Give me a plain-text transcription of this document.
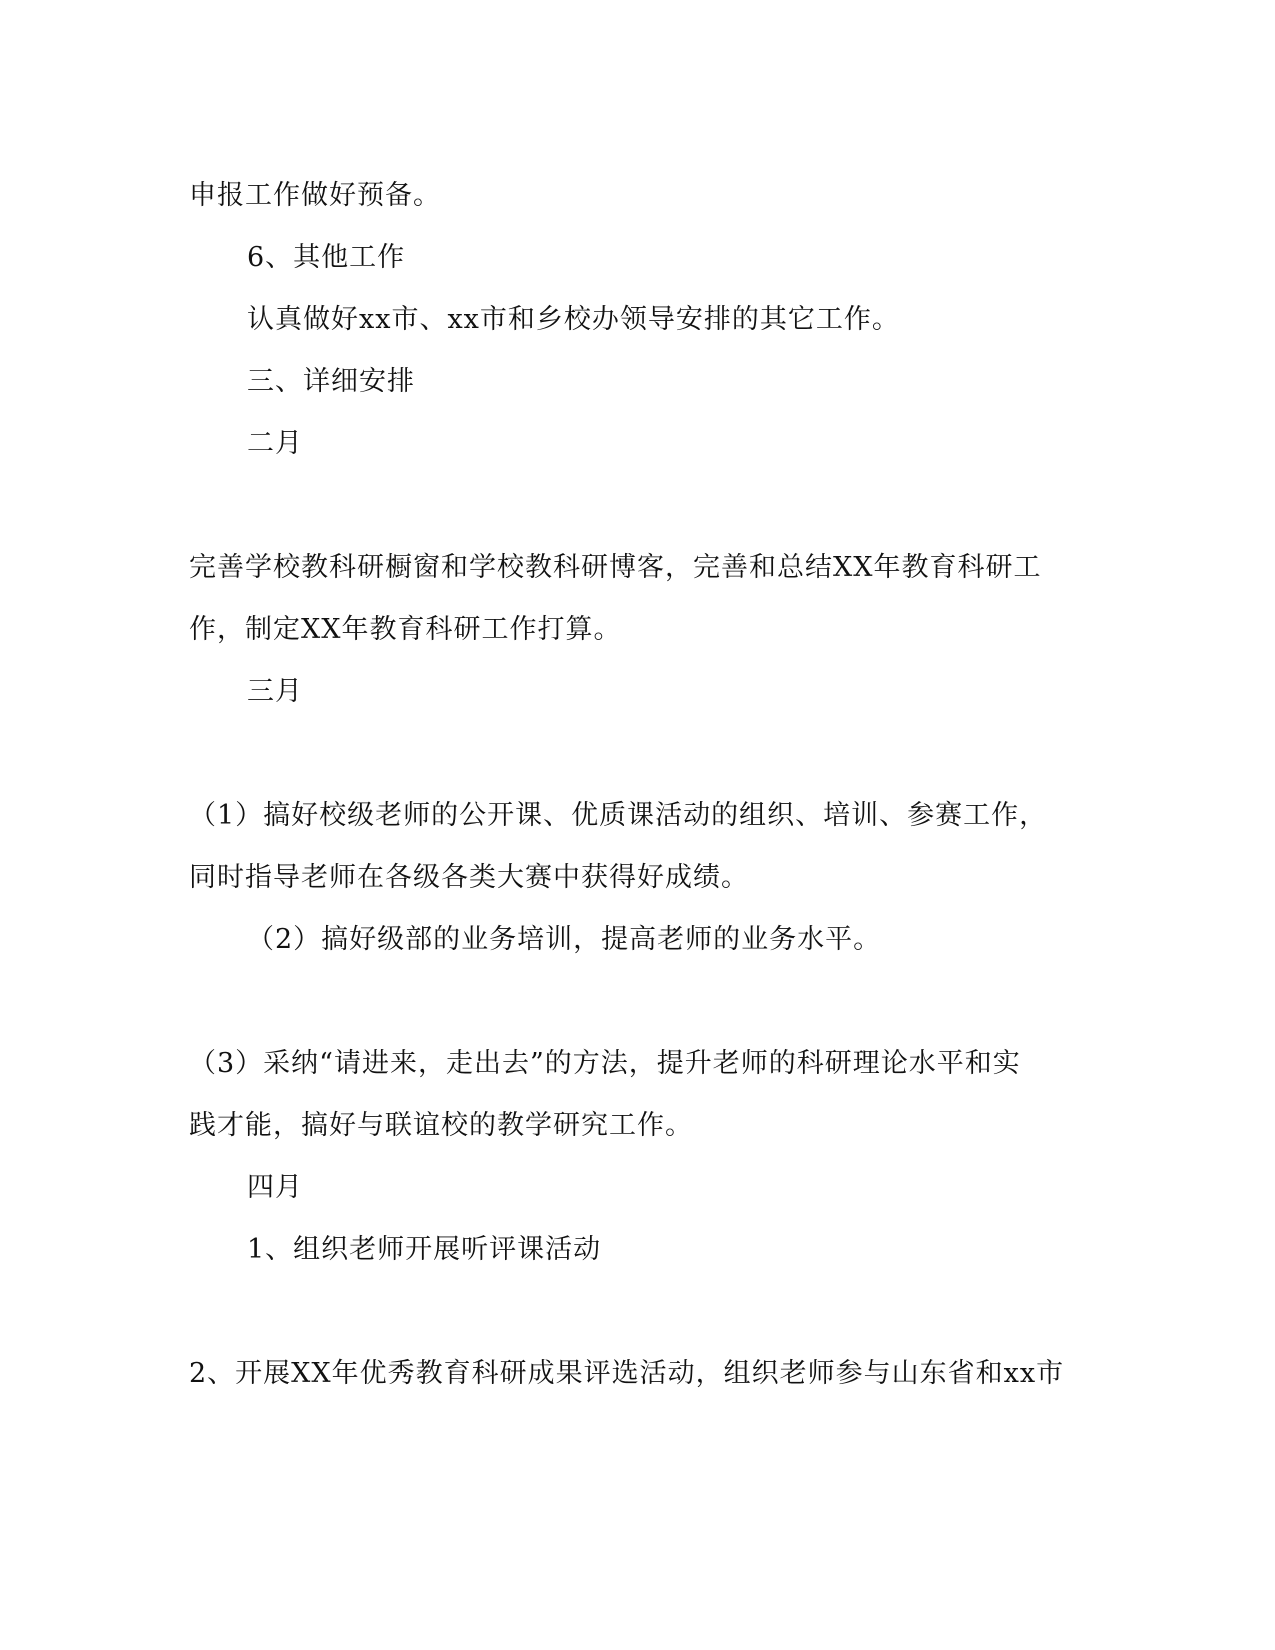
申报工作做好预备。
6、其他工作
认真做好xx市、xx市和乡校办领导安排的其它工作。
三、详细安排
二月
完善学校教科研橱窗和学校教科研博客，完善和总结XX年教育科研工
作，制定XX年教育科研工作打算。
三月
（1）搞好校级老师的公开课、优质课活动的组织、培训、参赛工作，
同时指导老师在各级各类大赛中获得好成绩。
（2）搞好级部的业务培训，提高老师的业务水平。
（3）采纳“请进来，走出去”的方法，提升老师的科研理论水平和实
践才能，搞好与联谊校的教学研究工作。
四月
1、组织老师开展听评课活动
2、开展XX年优秀教育科研成果评选活动，组织老师参与山东省和xx市
